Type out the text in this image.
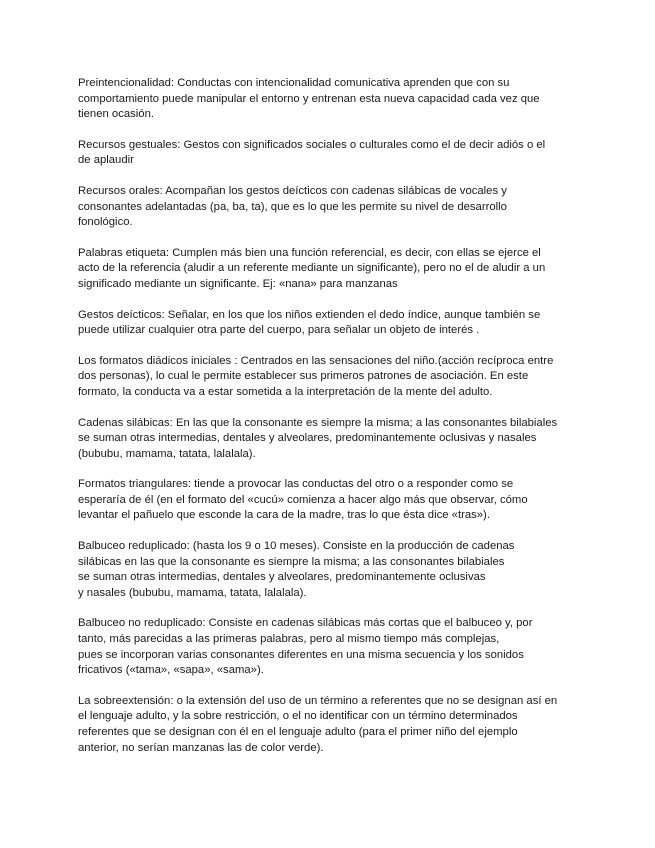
Preintencionalidad: Conductas con intencionalidad comunicativa aprenden que con su
comportamiento puede manipular el entorno y entrenan esta nueva capacidad cada vez que
tienen ocasión.

Recursos gestuales: Gestos con significados sociales o culturales como el de decir adiós o el
de aplaudir

Recursos orales: Acompañan los gestos deícticos con cadenas silábicas de vocales y
consonantes adelantadas (pa, ba, ta), que es lo que les permite su nivel de desarrollo
fonológico.

Palabras etiqueta: Cumplen más bien una función referencial, es decir, con ellas se ejerce el
acto de la referencia (aludir a un referente mediante un significante), pero no el de aludir a un
significado mediante un significante. Ej: «nana» para manzanas

Gestos deícticos: Señalar, en los que los niños extienden el dedo índice, aunque también se
puede utilizar cualquier otra parte del cuerpo, para señalar un objeto de interés .

Los formatos diádicos iniciales : Centrados en las sensaciones del niño.(acción recíproca entre
dos personas), lo cual le permite establecer sus primeros patrones de asociación. En este
formato, la conducta va a estar sometida a la interpretación de la mente del adulto.

Cadenas silábicas: En las que la consonante es siempre la misma; a las consonantes bilabiales
se suman otras intermedias, dentales y alveolares, predominantemente oclusivas y nasales
(bububu, mamama, tatata, lalalala).

Formatos triangulares: tiende a provocar las conductas del otro o a responder como se
esperaría de él (en el formato del «cucú» comienza a hacer algo más que observar, cómo
levantar el pañuelo que esconde la cara de la madre, tras lo que ésta dice «tras»).

Balbuceo reduplicado: (hasta los 9 o 10 meses). Consiste en la producción de cadenas
silábicas en las que la consonante es siempre la misma; a las consonantes bilabiales
se suman otras intermedias, dentales y alveolares, predominantemente oclusivas
y nasales (bububu, mamama, tatata, lalalala).

Balbuceo no reduplicado: Consiste en cadenas silábicas más cortas que el balbuceo y, por
tanto, más parecidas a las primeras palabras, pero al mismo tiempo más complejas,
pues se incorporan varias consonantes diferentes en una misma secuencia y los sonidos
fricativos («tama», «sapa», «sama»).

La sobreextensión: o la extensión del uso de un término a referentes que no se designan así en
el lenguaje adulto, y la sobre restricción, o el no identificar con un término determinados
referentes que se designan con él en el lenguaje adulto (para el primer niño del ejemplo
anterior, no serían manzanas las de color verde).
